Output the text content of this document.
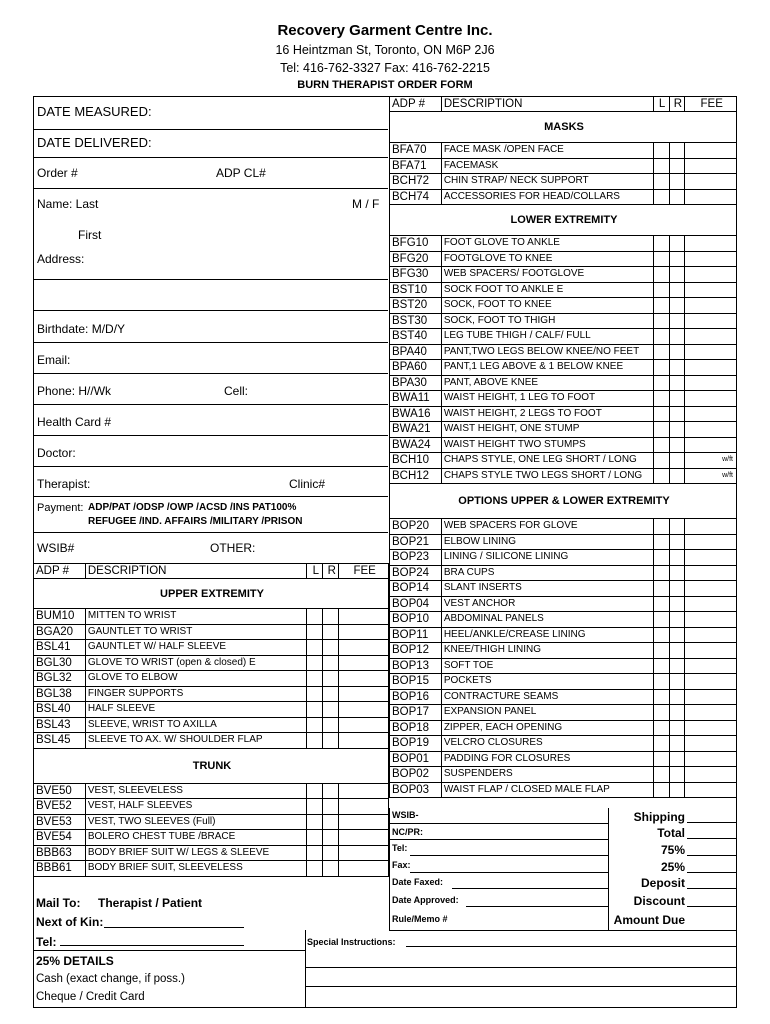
Recovery Garment Centre Inc.
16 Heintzman St, Toronto, ON M6P 2J6
Tel: 416-762-3327 Fax: 416-762-2215
BURN THERAPIST ORDER FORM
DATE MEASURED:
DATE DELIVERED:
Order #	ADP CL#
Name: Last	M / F
First
Address:
Birthdate: M/D/Y
Email:
Phone: H//Wk	Cell:
Health Card #
Doctor:
Therapist:	Clinic#
Payment: ADP/PAT /ODSP /OWP /ACSD /INS PAT100%
REFUGEE /IND. AFFAIRS /MILITARY /PRISON
WSIB#	OTHER:
ADP #	DESCRIPTION	L	R	FEE
UPPER EXTREMITY				
BUM10	MITTEN TO WRIST			
BGA20	GAUNTLET TO WRIST			
BSL41	GAUNTLET W/ HALF SLEEVE			
BGL30	GLOVE TO WRIST (open & closed) E			
BGL32	GLOVE TO ELBOW			
BGL38	FINGER SUPPORTS			
BSL40	HALF SLEEVE			
BSL43	SLEEVE, WRIST TO AXILLA			
BSL45	SLEEVE TO AX. W/ SHOULDER FLAP			
TRUNK				
BVE50	VEST, SLEEVELESS			
BVE52	VEST, HALF SLEEVES			
BVE53	VEST, TWO SLEEVES (Full)			
BVE54	BOLERO CHEST TUBE /BRACE			
BBB63	BODY BRIEF SUIT W/ LEGS & SLEEVE			
BBB61	BODY BRIEF SUIT, SLEEVELESS			
ADP #	DESCRIPTION	L	R	FEE
MASKS				
BFA70	FACE MASK /OPEN FACE			
BFA71	FACEMASK			
BCH72	CHIN STRAP/ NECK SUPPORT			
BCH74	ACCESSORIES FOR HEAD/COLLARS			
LOWER EXTREMITY				
BFG10	FOOT GLOVE TO ANKLE			
BFG20	FOOTGLOVE TO KNEE			
BFG30	WEB SPACERS/ FOOTGLOVE			
BST10	SOCK FOOT TO ANKLE E			
BST20	SOCK, FOOT TO KNEE			
BST30	SOCK, FOOT TO THIGH			
BST40	LEG TUBE THIGH / CALF/ FULL			
BPA40	PANT,TWO LEGS BELOW KNEE/NO FEET			
BPA60	PANT,1 LEG ABOVE & 1 BELOW KNEE			
BPA30	PANT, ABOVE KNEE			
BWA11	WAIST HEIGHT, 1 LEG TO FOOT			
BWA16	WAIST HEIGHT, 2 LEGS TO FOOT			
BWA21	WAIST HEIGHT, ONE STUMP			
BWA24	WAIST HEIGHT TWO STUMPS			
BCH10	CHAPS STYLE, ONE LEG SHORT / LONG			w/ft
BCH12	CHAPS STYLE TWO LEGS SHORT / LONG			w/ft
OPTIONS UPPER & LOWER EXTREMITY				
BOP20	WEB SPACERS FOR GLOVE			
BOP21	ELBOW LINING			
BOP23	LINING / SILICONE LINING			
BOP24	BRA CUPS			
BOP14	SLANT INSERTS			
BOP04	VEST ANCHOR			
BOP10	ABDOMINAL PANELS			
BOP11	HEEL/ANKLE/CREASE LINING			
BOP12	KNEE/THIGH LINING			
BOP13	SOFT TOE			
BOP15	POCKETS			
BOP16	CONTRACTURE SEAMS			
BOP17	EXPANSION PANEL			
BOP18	ZIPPER, EACH OPENING			
BOP19	VELCRO CLOSURES			
BOP01	PADDING FOR CLOSURES			
BOP02	SUSPENDERS			
BOP03	WAIST FLAP / CLOSED MALE FLAP			
Mail To: Therapist / Patient
Next of Kin:
Tel:
25% DETAILS
Cash (exact change, if poss.)
Cheque / Credit Card
WSIB-
NC/PR:
Tel:
Fax:
Date Faxed:
Date Approved:
Rule/Memo #
Special Instructions:
Shipping
Total
75%
25%
Deposit
Discount
Amount Due
